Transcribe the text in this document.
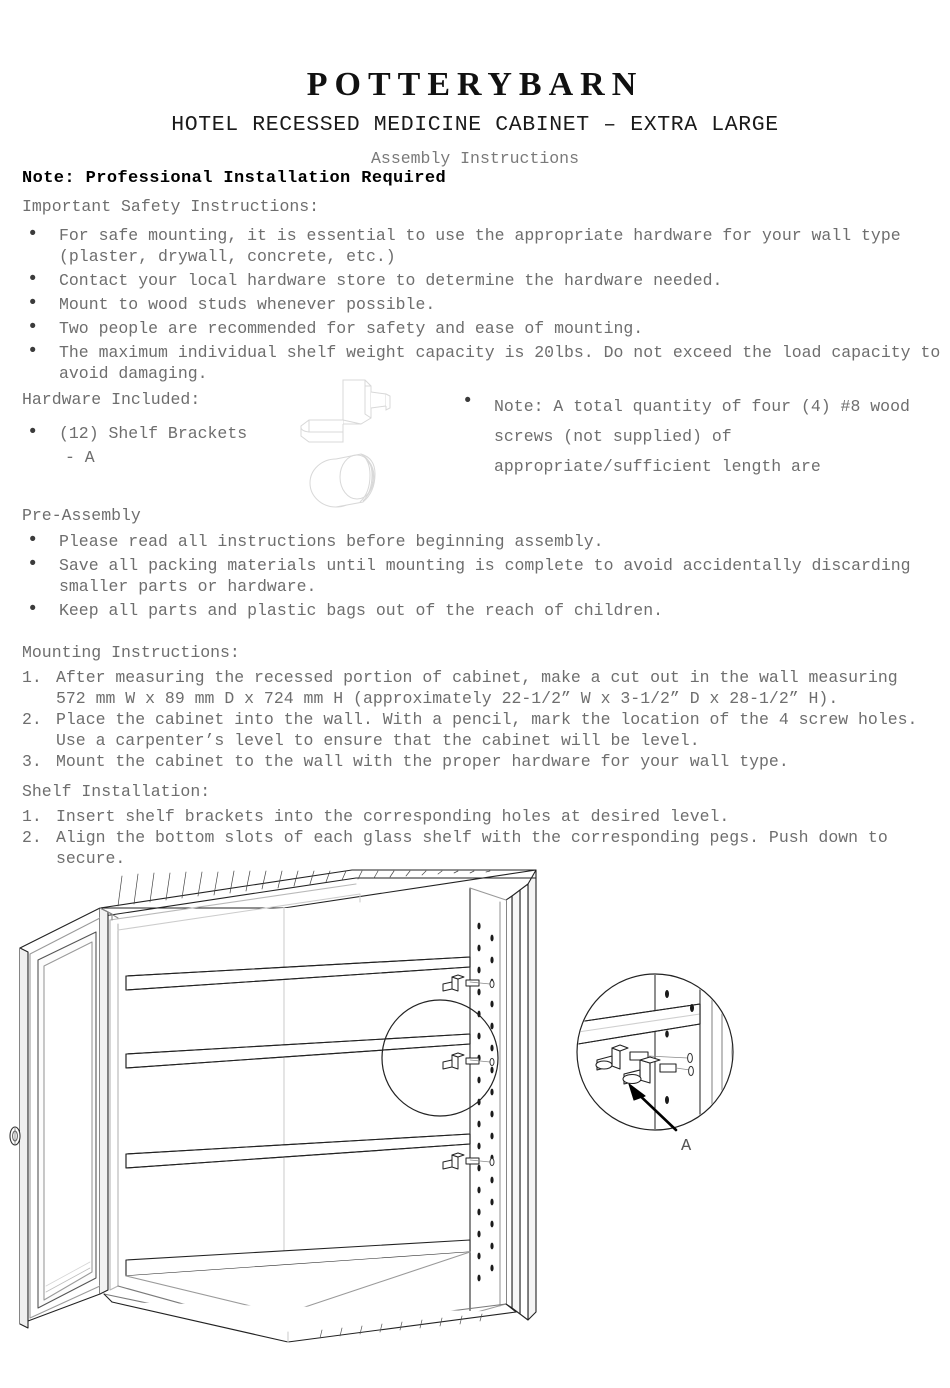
POTTERYBARN
HOTEL RECESSED MEDICINE CABINET – EXTRA LARGE
Assembly Instructions
Note: Professional Installation Required
Important Safety Instructions:
• For safe mounting, it is essential to use the appropriate hardware for your wall type (plaster, drywall, concrete, etc.)
• Contact your local hardware store to determine the hardware needed.
• Mount to wood studs whenever possible.
• Two people are recommended for safety and ease of mounting.
• The maximum individual shelf weight capacity is 20lbs. Do not exceed the load capacity to avoid damaging.
Hardware Included:
• (12) Shelf Brackets
- A
• Note: A total quantity of four (4) #8 wood screws (not supplied) of appropriate/sufficient length are
Pre-Assembly
• Please read all instructions before beginning assembly.
• Save all packing materials until mounting is complete to avoid accidentally discarding smaller parts or hardware.
• Keep all parts and plastic bags out of the reach of children.
Mounting Instructions:
1. After measuring the recessed portion of cabinet, make a cut out in the wall measuring
572 mm W x 89 mm D x 724 mm H (approximately 22-1/2” W x 3-1/2” D x 28-1/2” H).
2. Place the cabinet into the wall. With a pencil, mark the location of the 4 screw holes.
Use a carpenter’s level to ensure that the cabinet will be level.
3. Mount the cabinet to the wall with the proper hardware for your wall type.
Shelf Installation:
1. Insert shelf brackets into the corresponding holes at desired level.
2. Align the bottom slots of each glass shelf with the corresponding pegs. Push down to
secure.
A
